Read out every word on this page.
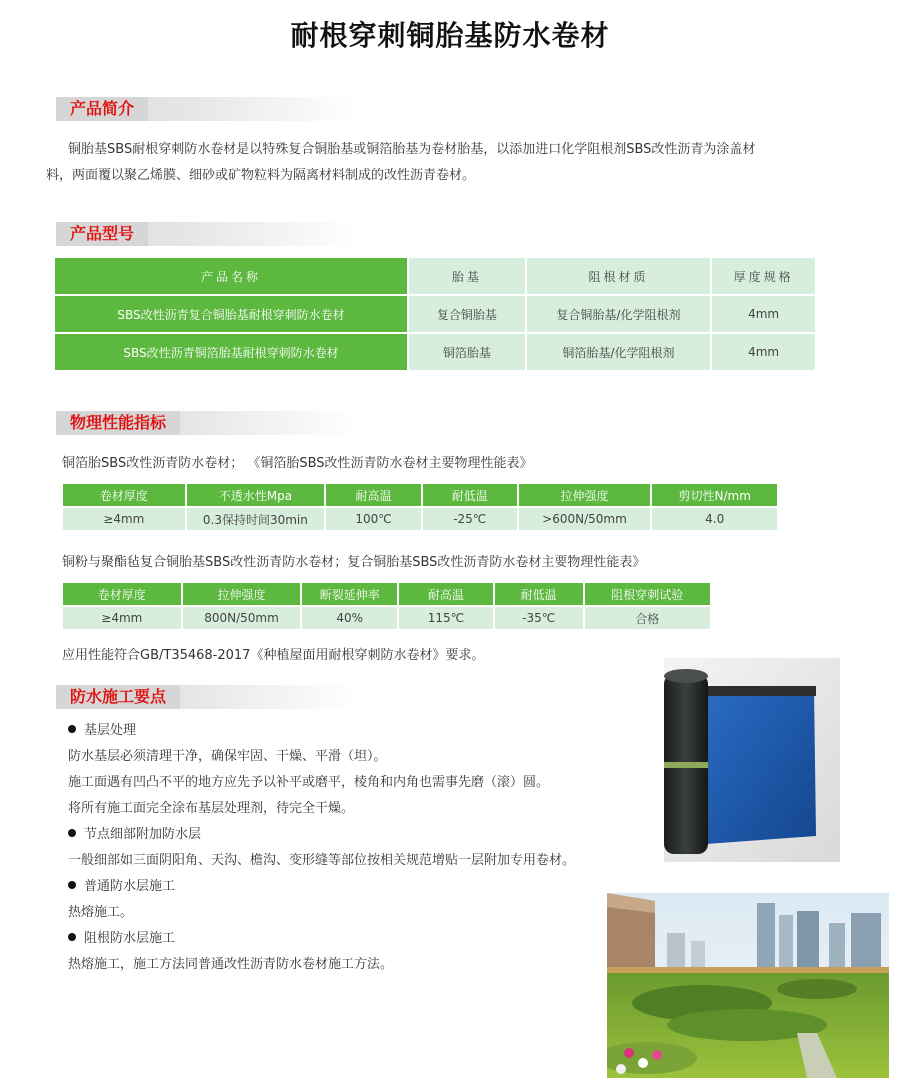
耐根穿刺铜胎基防水卷材
产品简介
铜胎基SBS耐根穿刺防水卷材是以特殊复合铜胎基或铜箔胎基为卷材胎基，以添加进口化学阻根剂SBS改性沥青为涂盖材
料，两面覆以聚乙烯膜、细砂或矿物粒料为隔离材料制成的改性沥青卷材。
产品型号
产品名称	胎基	阻根材质	厚度规格
SBS改性沥青复合铜胎基耐根穿刺防水卷材	复合铜胎基	复合铜胎基/化学阻根剂	4mm
SBS改性沥青铜箔胎基耐根穿刺防水卷材	铜箔胎基	铜箔胎基/化学阻根剂	4mm
物理性能指标
铜箔胎SBS改性沥青防水卷材； 《铜箔胎SBS改性沥青防水卷材主要物理性能表》
卷材厚度	不透水性Mpa	耐高温	耐低温	拉伸强度	剪切性N/mm
≥4mm	0.3保持时间30min	100℃	-25℃	>600N/50mm	4.0
铜粉与聚酯毡复合铜胎基SBS改性沥青防水卷材；复合铜胎基SBS改性沥青防水卷材主要物理性能表》
卷材厚度	拉伸强度	断裂延伸率	耐高温	耐低温	阻根穿刺试验
≥4mm	800N/50mm	40%	115℃	-35℃	合格
应用性能符合GB/T35468-2017《种植屋面用耐根穿刺防水卷材》要求。
防水施工要点
基层处理
防水基层必须清理干净，确保牢固、干燥、平滑（坦）。
施工面遇有凹凸不平的地方应先予以补平或磨平，棱角和内角也需事先磨（滚）圆。
将所有施工面完全涂布基层处理剂，待完全干燥。
节点细部附加防水层
一般细部如三面阴阳角、天沟、檐沟、变形缝等部位按相关规范增贴一层附加专用卷材。
普通防水层施工
热熔施工。
阻根防水层施工
热熔施工，施工方法同普通改性沥青防水卷材施工方法。
